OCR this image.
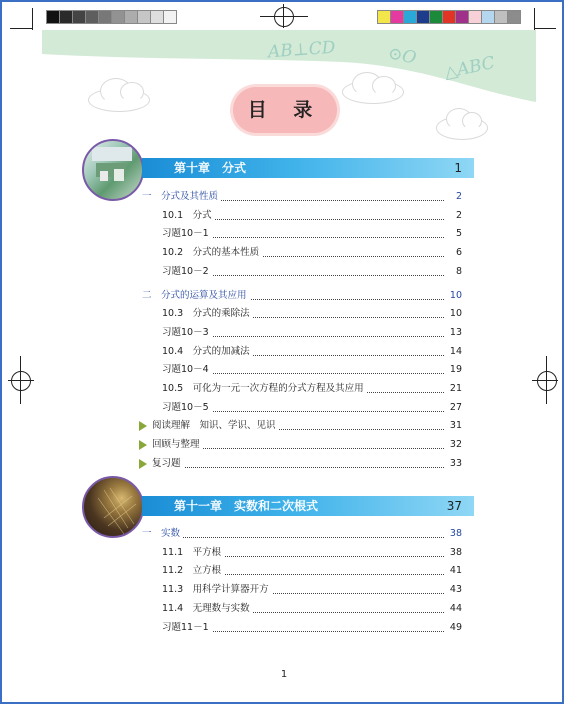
AB⊥CD	⊙O △ABC
目 录
第十章　分式	1
一　分式及其性质	2
10.1　分式	2
习题10－1	5
10.2　分式的基本性质	6
习题10－2	8
二　分式的运算及其应用	10
10.3　分式的乘除法	10
习题10－3	13
10.4　分式的加减法	14
习题10－4	19
10.5　可化为一元一次方程的分式方程及其应用	21
习题10－5	27
阅读理解　知识、学识、见识	31
回顾与整理	32
复习题	33
第十一章　实数和二次根式	37
一　实数	38
11.1　平方根	38
11.2　立方根	41
11.3　用科学计算器开方	43
11.4　无理数与实数	44
习题11－1	49
1
